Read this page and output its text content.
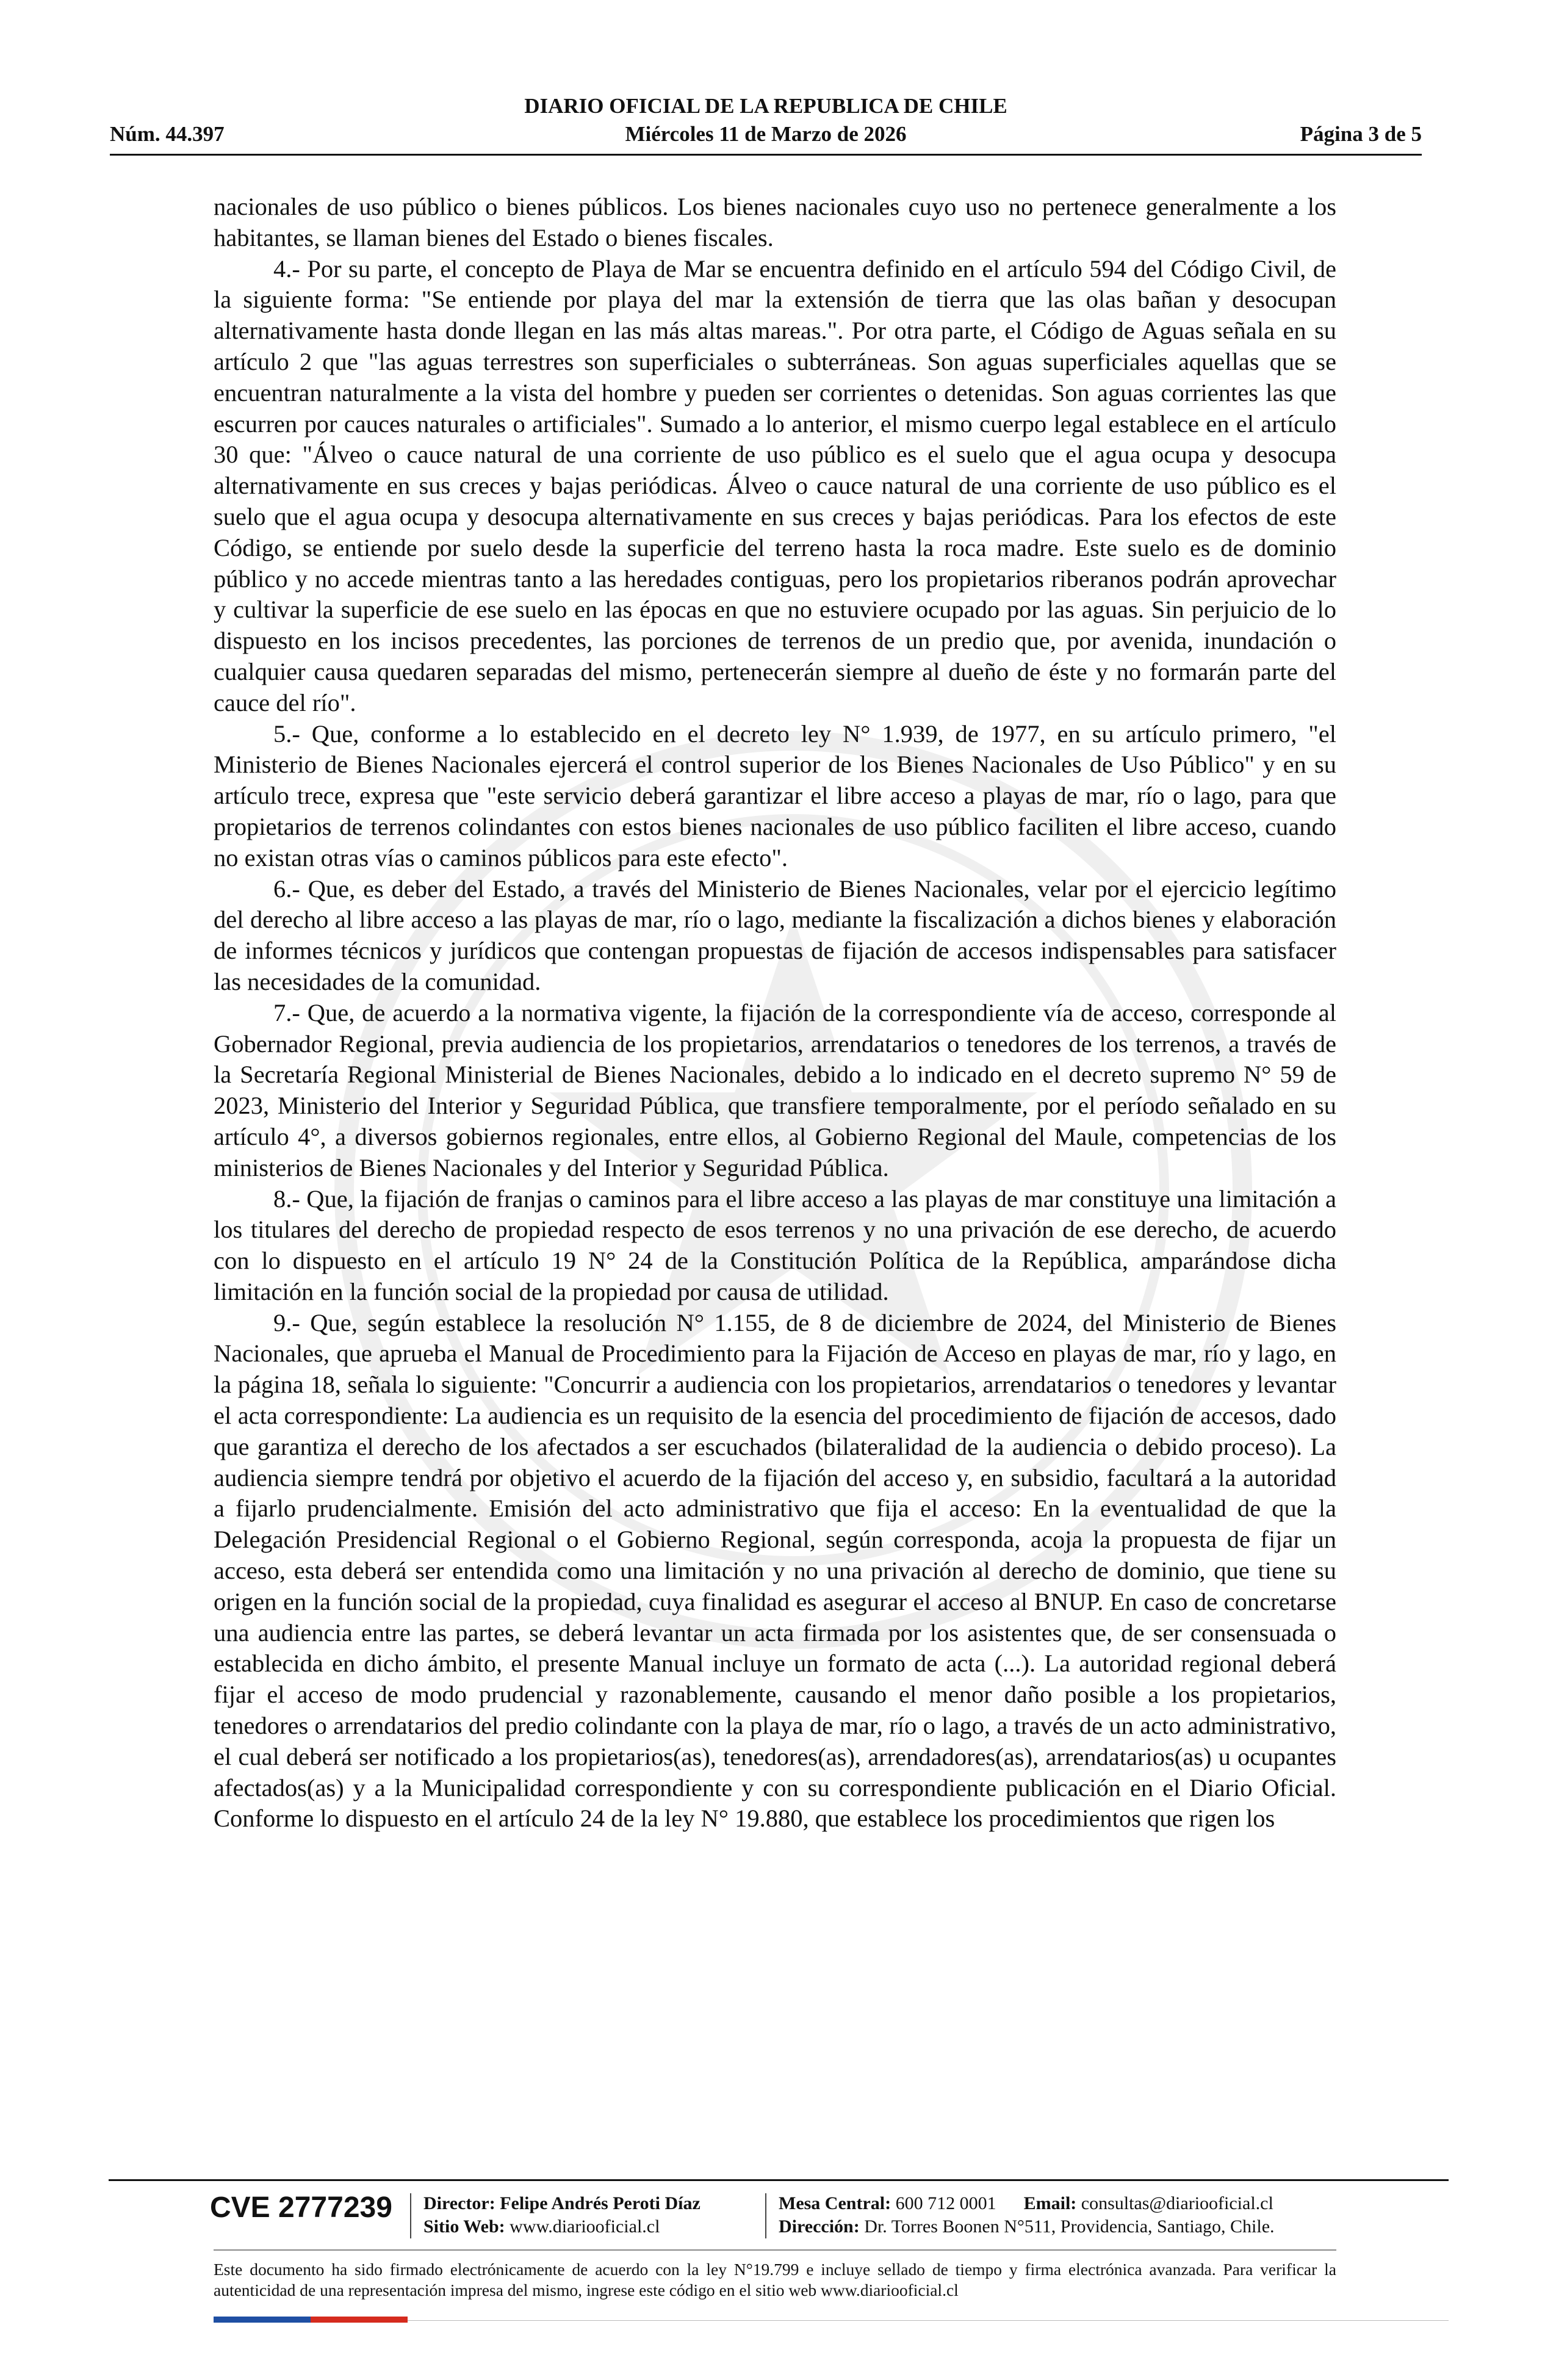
DIARIO OFICIAL DE LA REPUBLICA DE CHILE
Núm. 44.397	Miércoles 11 de Marzo de 2026	Página 3 de 5

nacionales de uso público o bienes públicos. Los bienes nacionales cuyo uso no pertenece generalmente a los habitantes, se llaman bienes del Estado o bienes fiscales.

4.- Por su parte, el concepto de Playa de Mar se encuentra definido en el artículo 594 del Código Civil, de la siguiente forma: "Se entiende por playa del mar la extensión de tierra que las olas bañan y desocupan alternativamente hasta donde llegan en las más altas mareas.". Por otra parte, el Código de Aguas señala en su artículo 2 que "las aguas terrestres son superficiales o subterráneas. Son aguas superficiales aquellas que se encuentran naturalmente a la vista del hombre y pueden ser corrientes o detenidas. Son aguas corrientes las que escurren por cauces naturales o artificiales". Sumado a lo anterior, el mismo cuerpo legal establece en el artículo 30 que: "Álveo o cauce natural de una corriente de uso público es el suelo que el agua ocupa y desocupa alternativamente en sus creces y bajas periódicas. Álveo o cauce natural de una corriente de uso público es el suelo que el agua ocupa y desocupa alternativamente en sus creces y bajas periódicas. Para los efectos de este Código, se entiende por suelo desde la superficie del terreno hasta la roca madre. Este suelo es de dominio público y no accede mientras tanto a las heredades contiguas, pero los propietarios riberanos podrán aprovechar y cultivar la superficie de ese suelo en las épocas en que no estuviere ocupado por las aguas. Sin perjuicio de lo dispuesto en los incisos precedentes, las porciones de terrenos de un predio que, por avenida, inundación o cualquier causa quedaren separadas del mismo, pertenecerán siempre al dueño de éste y no formarán parte del cauce del río".

5.- Que, conforme a lo establecido en el decreto ley N° 1.939, de 1977, en su artículo primero, "el Ministerio de Bienes Nacionales ejercerá el control superior de los Bienes Nacionales de Uso Público" y en su artículo trece, expresa que "este servicio deberá garantizar el libre acceso a playas de mar, río o lago, para que propietarios de terrenos colindantes con estos bienes nacionales de uso público faciliten el libre acceso, cuando no existan otras vías o caminos públicos para este efecto".

6.- Que, es deber del Estado, a través del Ministerio de Bienes Nacionales, velar por el ejercicio legítimo del derecho al libre acceso a las playas de mar, río o lago, mediante la fiscalización a dichos bienes y elaboración de informes técnicos y jurídicos que contengan propuestas de fijación de accesos indispensables para satisfacer las necesidades de la comunidad.

7.- Que, de acuerdo a la normativa vigente, la fijación de la correspondiente vía de acceso, corresponde al Gobernador Regional, previa audiencia de los propietarios, arrendatarios o tenedores de los terrenos, a través de la Secretaría Regional Ministerial de Bienes Nacionales, debido a lo indicado en el decreto supremo N° 59 de 2023, Ministerio del Interior y Seguridad Pública, que transfiere temporalmente, por el período señalado en su artículo 4°, a diversos gobiernos regionales, entre ellos, al Gobierno Regional del Maule, competencias de los ministerios de Bienes Nacionales y del Interior y Seguridad Pública.

8.- Que, la fijación de franjas o caminos para el libre acceso a las playas de mar constituye una limitación a los titulares del derecho de propiedad respecto de esos terrenos y no una privación de ese derecho, de acuerdo con lo dispuesto en el artículo 19 N° 24 de la Constitución Política de la República, amparándose dicha limitación en la función social de la propiedad por causa de utilidad.

9.- Que, según establece la resolución N° 1.155, de 8 de diciembre de 2024, del Ministerio de Bienes Nacionales, que aprueba el Manual de Procedimiento para la Fijación de Acceso en playas de mar, río y lago, en la página 18, señala lo siguiente: "Concurrir a audiencia con los propietarios, arrendatarios o tenedores y levantar el acta correspondiente: La audiencia es un requisito de la esencia del procedimiento de fijación de accesos, dado que garantiza el derecho de los afectados a ser escuchados (bilateralidad de la audiencia o debido proceso). La audiencia siempre tendrá por objetivo el acuerdo de la fijación del acceso y, en subsidio, facultará a la autoridad a fijarlo prudencialmente. Emisión del acto administrativo que fija el acceso: En la eventualidad de que la Delegación Presidencial Regional o el Gobierno Regional, según corresponda, acoja la propuesta de fijar un acceso, esta deberá ser entendida como una limitación y no una privación al derecho de dominio, que tiene su origen en la función social de la propiedad, cuya finalidad es asegurar el acceso al BNUP. En caso de concretarse una audiencia entre las partes, se deberá levantar un acta firmada por los asistentes que, de ser consensuada o establecida en dicho ámbito, el presente Manual incluye un formato de acta (...). La autoridad regional deberá fijar el acceso de modo prudencial y razonablemente, causando el menor daño posible a los propietarios, tenedores o arrendatarios del predio colindante con la playa de mar, río o lago, a través de un acto administrativo, el cual deberá ser notificado a los propietarios(as), tenedores(as), arrendadores(as), arrendatarios(as) u ocupantes afectados(as) y a la Municipalidad correspondiente y con su correspondiente publicación en el Diario Oficial. Conforme lo dispuesto en el artículo 24 de la ley N° 19.880, que establece los procedimientos que rigen los

CVE 2777239 Director: Felipe Andrés Peroti Díaz
Sitio Web: www.diariooficial.cl
Mesa Central: 600 712 0001 Email: consultas@diariooficial.cl
Dirección: Dr. Torres Boonen N°511, Providencia, Santiago, Chile.

Este documento ha sido firmado electrónicamente de acuerdo con la ley N°19.799 e incluye sellado de tiempo y firma electrónica avanzada. Para verificar la autenticidad de una representación impresa del mismo, ingrese este código en el sitio web www.diariooficial.cl
